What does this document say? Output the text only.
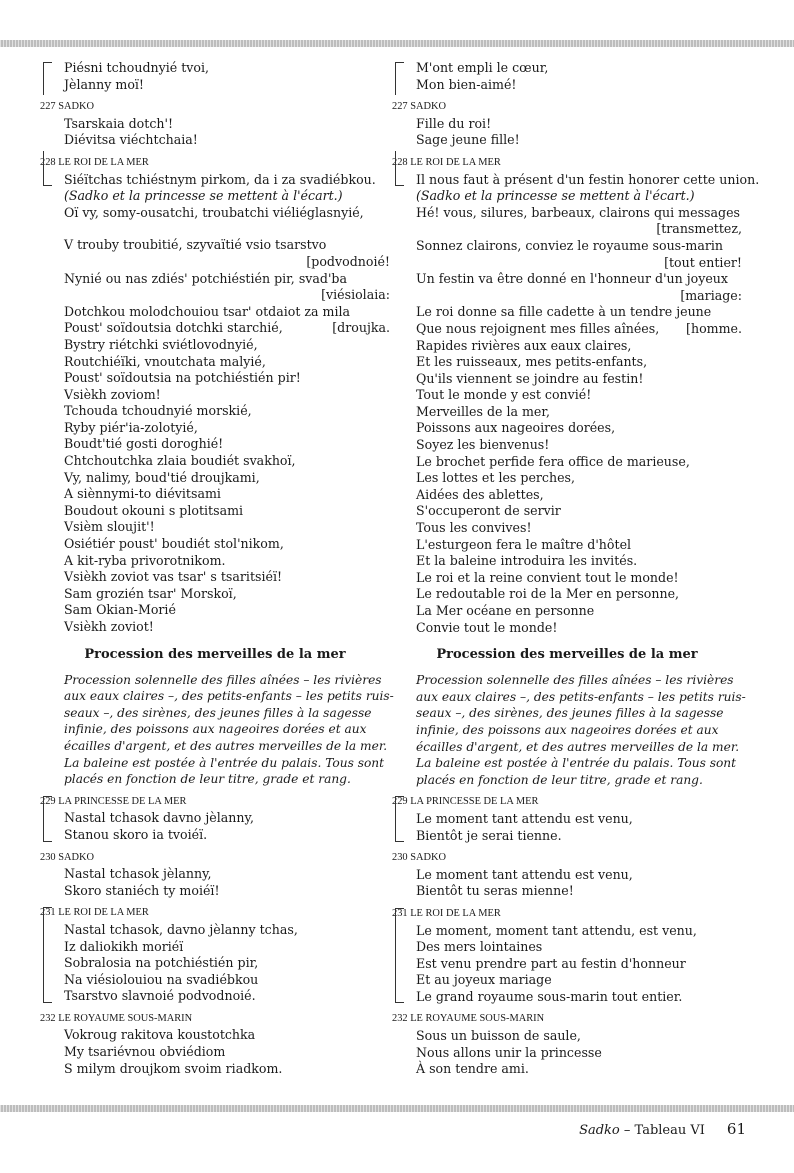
Piésni tchoudnyié tvoi,
Jèlanny moï!
227 SADKO
Tsarskaia dotch'!
Diévitsa viéchtchaia!
228 LE ROI DE LA MER
Siéïtchas tchiéstnym pirkom, da i za svadiébkou.
(Sadko et la princesse se mettent à l'écart.)
Oï vy, somy-ousatchi, troubatchi viéliéglasnyié,
V trouby troubitié, szyvaïtié vsio tsarstvo
[podvodnoié!
Nynié ou nas zdiés' potchiéstién pir, svad'ba
[viésiolaia:
Dotchkou molodchouiou tsar' otdaiot za mila
Poust' soïdoutsia dotchki starchié,	[droujka.
Bystry riétchki sviétlovodnyié,
Routchiéïki, vnoutchata malyié,
Poust' soïdoutsia na potchiéstién pir!
Vsièkh zoviom!
Tchouda tchoudnyié morskié,
Ryby piér'ia-zolotyié,
Boudt'tié gosti doroghié!
Chtchoutchka zlaia boudiét svakhoï,
Vy, nalimy, boud'tié droujkami,
A siènnymi-to diévitsami
Boudout okouni s plotitsami
Vsièm sloujit'!
Osiétiér poust' boudiét stol'nikom,
A kit-ryba privorotnikom.
Vsièkh zoviot vas tsar' s tsaritsiéï!
Sam grozién tsar' Morskoï,
Sam Okian-Morié
Vsièkh zoviot!
Procession des merveilles de la mer
Procession solennelle des filles aînées – les rivières
aux eaux claires –, des petits-enfants – les petits ruis-
seaux –, des sirènes, des jeunes filles à la sagesse
infinie, des poissons aux nageoires dorées et aux
écailles d'argent, et des autres merveilles de la mer.
La baleine est postée à l'entrée du palais. Tous sont
placés en fonction de leur titre, grade et rang.
229 LA PRINCESSE DE LA MER
Nastal tchasok davno jèlanny,
Stanou skoro ia tvoiéï.
230 SADKO
Nastal tchasok jèlanny,
Skoro staniéch ty moiéï!
231 LE ROI DE LA MER
Nastal tchasok, davno jèlanny tchas,
Iz daliokikh moriéï
Sobralosia na potchiéstién pir,
Na viésiolouiou na svadiébkou
Tsarstvo slavnoié podvodnoié.
232 LE ROYAUME SOUS-MARIN
Vokroug rakitova koustotchka
My tsariévnou obviédiom
S milym droujkom svoim riadkom.
M'ont empli le cœur,
Mon bien-aimé!
227 SADKO
Fille du roi!
Sage jeune fille!
228 LE ROI DE LA MER
Il nous faut à présent d'un festin honorer cette union.
(Sadko et la princesse se mettent à l'écart.)
Hé! vous, silures, barbeaux, clairons qui messages
[transmettez,
Sonnez clairons, conviez le royaume sous-marin
[tout entier!
Un festin va être donné en l'honneur d'un joyeux
[mariage:
Le roi donne sa fille cadette à un tendre jeune
Que nous rejoignent mes filles aînées, [homme.
Rapides rivières aux eaux claires,
Et les ruisseaux, mes petits-enfants,
Qu'ils viennent se joindre au festin!
Tout le monde y est convié!
Merveilles de la mer,
Poissons aux nageoires dorées,
Soyez les bienvenus!
Le brochet perfide fera office de marieuse,
Les lottes et les perches,
Aidées des ablettes,
S'occuperont de servir
Tous les convives!
L'esturgeon fera le maître d'hôtel
Et la baleine introduira les invités.
Le roi et la reine convient tout le monde!
Le redoutable roi de la Mer en personne,
La Mer océane en personne
Convie tout le monde!
Procession des merveilles de la mer
Procession solennelle des filles aînées – les rivières
aux eaux claires –, des petits-enfants – les petits ruis-
seaux –, des sirènes, des jeunes filles à la sagesse
infinie, des poissons aux nageoires dorées et aux
écailles d'argent, et des autres merveilles de la mer.
La baleine est postée à l'entrée du palais. Tous sont
placés en fonction de leur titre, grade et rang.
229 LA PRINCESSE DE LA MER
Le moment tant attendu est venu,
Bientôt je serai tienne.
230 SADKO
Le moment tant attendu est venu,
Bientôt tu seras mienne!
231 LE ROI DE LA MER
Le moment, moment tant attendu, est venu,
Des mers lointaines
Est venu prendre part au festin d'honneur
Et au joyeux mariage
Le grand royaume sous-marin tout entier.
232 LE ROYAUME SOUS-MARIN
Sous un buisson de saule,
Nous allons unir la princesse
À son tendre ami.
Sadko – Tableau VI 61
